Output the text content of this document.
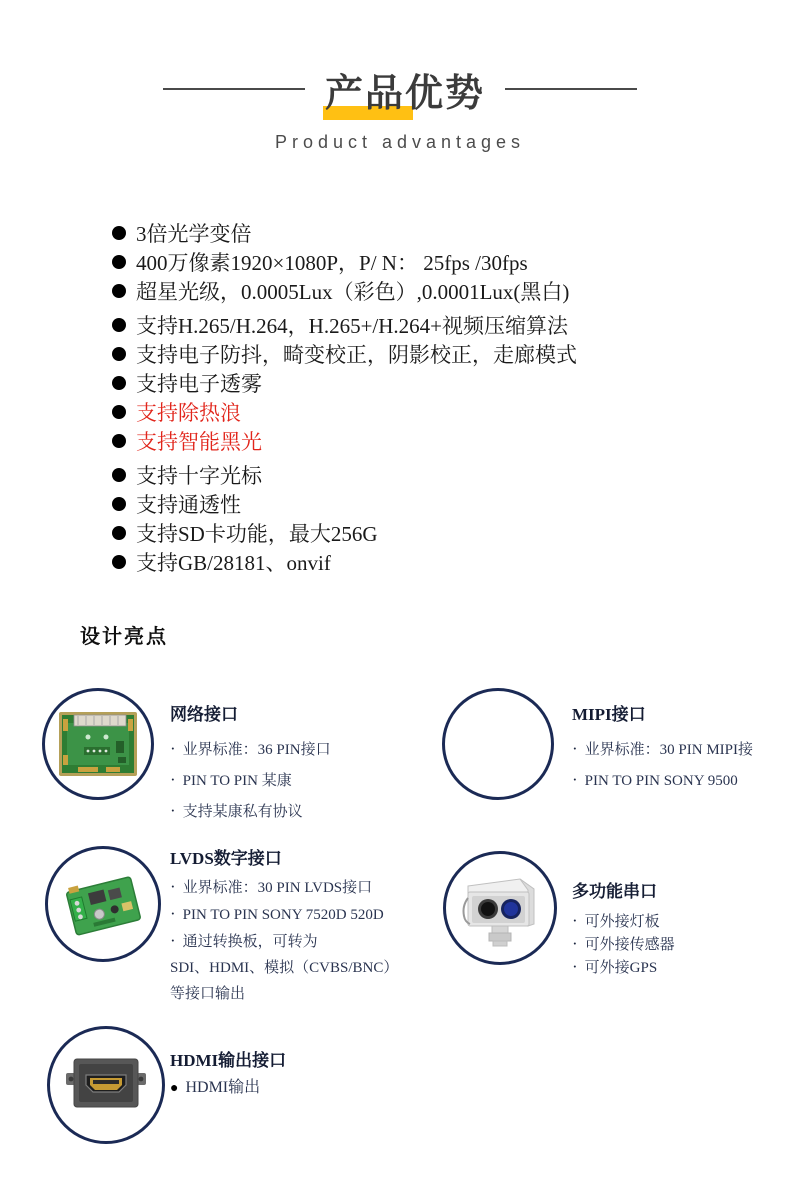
产品优势
Product advantages
3倍光学变倍
400万像素1920×1080P，P/ N： 25fps /30fps
超星光级，0.0005Lux（彩色）,0.0001Lux(黑白)
支持H.265/H.264，H.265+/H.264+视频压缩算法
支持电子防抖，畸变校正，阴影校正，走廊模式
支持电子透雾
支持除热浪
支持智能黑光
支持十字光标
支持通透性
支持SD卡功能，最大256G
支持GB/28181、onvif
设计亮点
网络接口
· 业界标准：36 PIN接口
· PIN TO PIN 某康
· 支持某康私有协议
MIPI接口
· 业界标准：30 PIN MIPI接
· PIN TO PIN SONY 9500
LVDS数字接口
· 业界标准：30 PIN LVDS接口
· PIN TO PIN SONY 7520D 520D
· 通过转换板，可转为
SDI、HDMI、模拟（CVBS/BNC）
等接口输出
多功能串口
· 可外接灯板
· 可外接传感器
· 可外接GPS
HDMI输出接口
● HDMI输出
